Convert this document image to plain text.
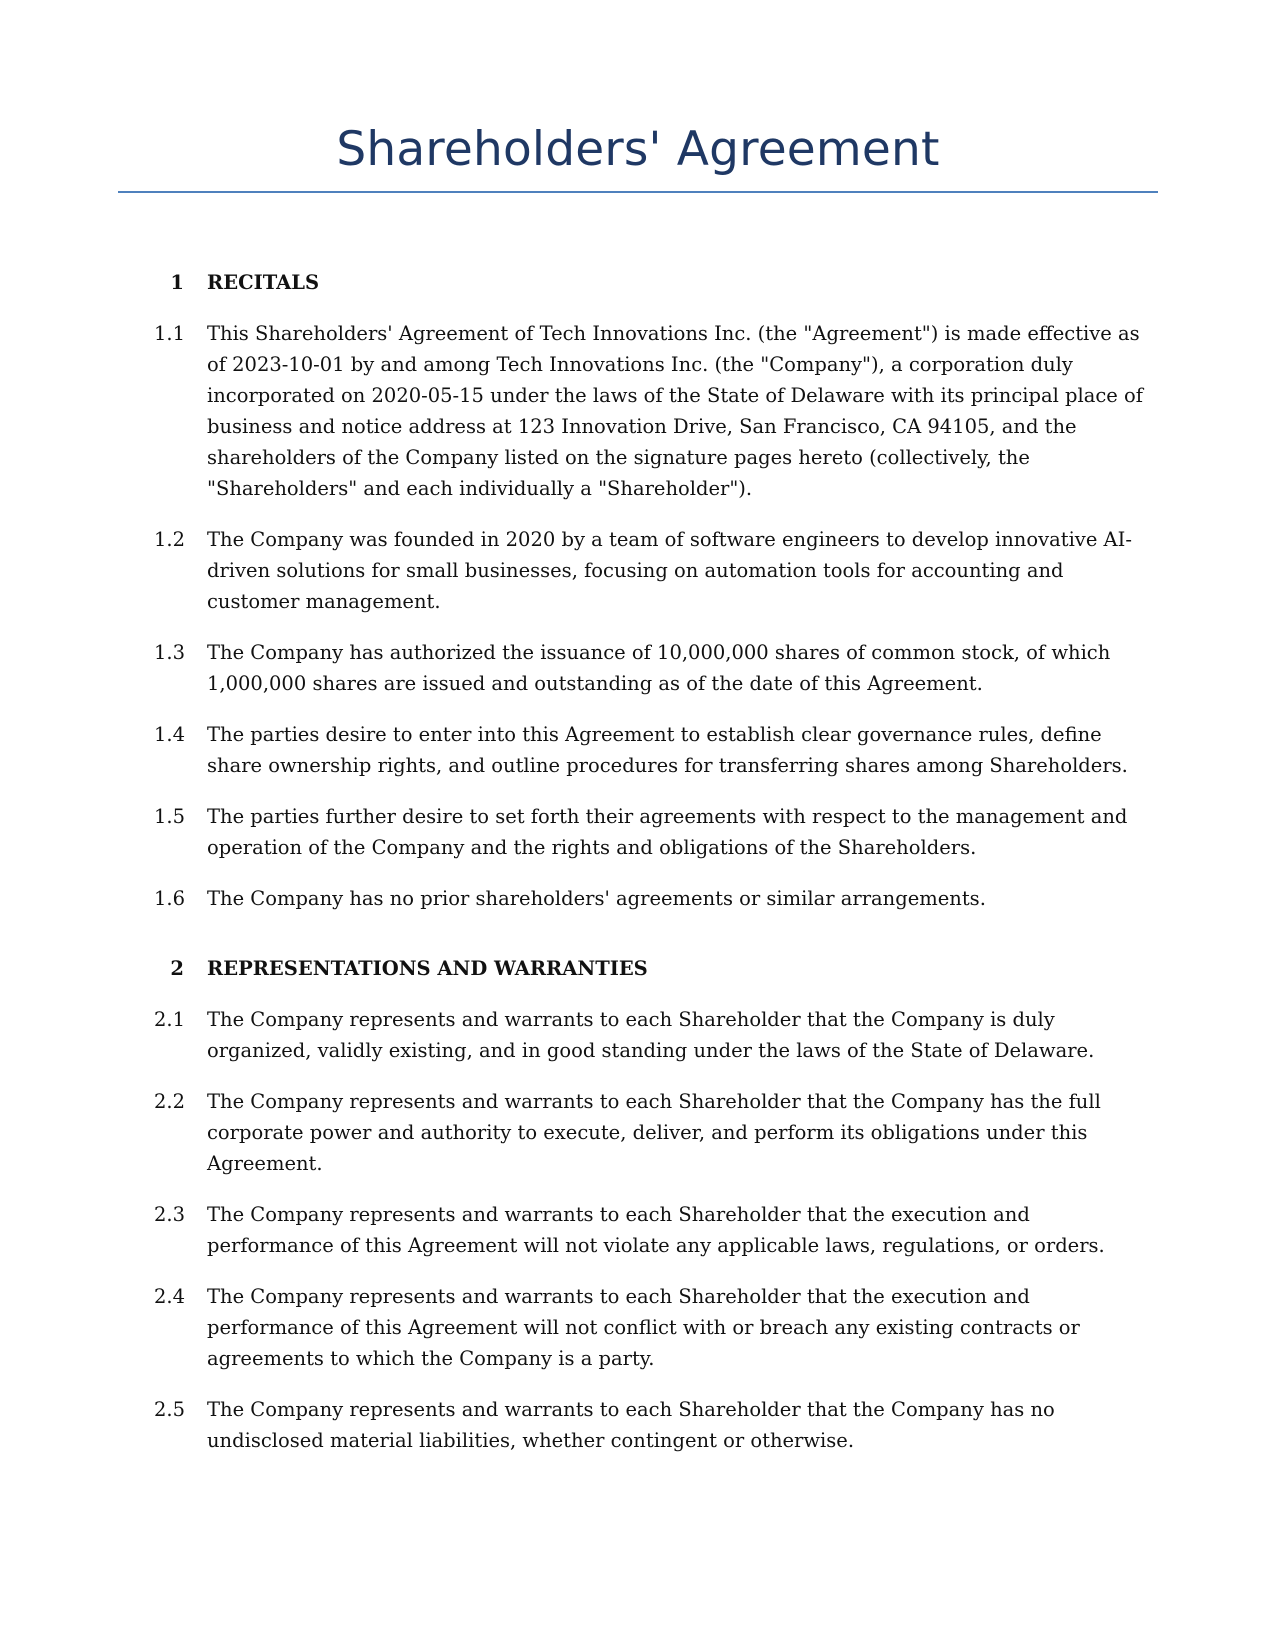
Shareholders' Agreement
1 RECITALS
1.1 This Shareholders' Agreement of Tech Innovations Inc. (the "Agreement") is made effective as
of 2023-10-01 by and among Tech Innovations Inc. (the "Company"), a corporation duly
incorporated on 2020-05-15 under the laws of the State of Delaware with its principal place of
business and notice address at 123 Innovation Drive, San Francisco, CA 94105, and the
shareholders of the Company listed on the signature pages hereto (collectively, the
"Shareholders" and each individually a "Shareholder").
1.2 The Company was founded in 2020 by a team of software engineers to develop innovative AI-
driven solutions for small businesses, focusing on automation tools for accounting and
customer management.
1.3 The Company has authorized the issuance of 10,000,000 shares of common stock, of which
1,000,000 shares are issued and outstanding as of the date of this Agreement.
1.4 The parties desire to enter into this Agreement to establish clear governance rules, define
share ownership rights, and outline procedures for transferring shares among Shareholders.
1.5 The parties further desire to set forth their agreements with respect to the management and
operation of the Company and the rights and obligations of the Shareholders.
1.6 The Company has no prior shareholders' agreements or similar arrangements.
2 REPRESENTATIONS AND WARRANTIES
2.1 The Company represents and warrants to each Shareholder that the Company is duly
organized, validly existing, and in good standing under the laws of the State of Delaware.
2.2 The Company represents and warrants to each Shareholder that the Company has the full
corporate power and authority to execute, deliver, and perform its obligations under this
Agreement.
2.3 The Company represents and warrants to each Shareholder that the execution and
performance of this Agreement will not violate any applicable laws, regulations, or orders.
2.4 The Company represents and warrants to each Shareholder that the execution and
performance of this Agreement will not conflict with or breach any existing contracts or
agreements to which the Company is a party.
2.5 The Company represents and warrants to each Shareholder that the Company has no
undisclosed material liabilities, whether contingent or otherwise.
